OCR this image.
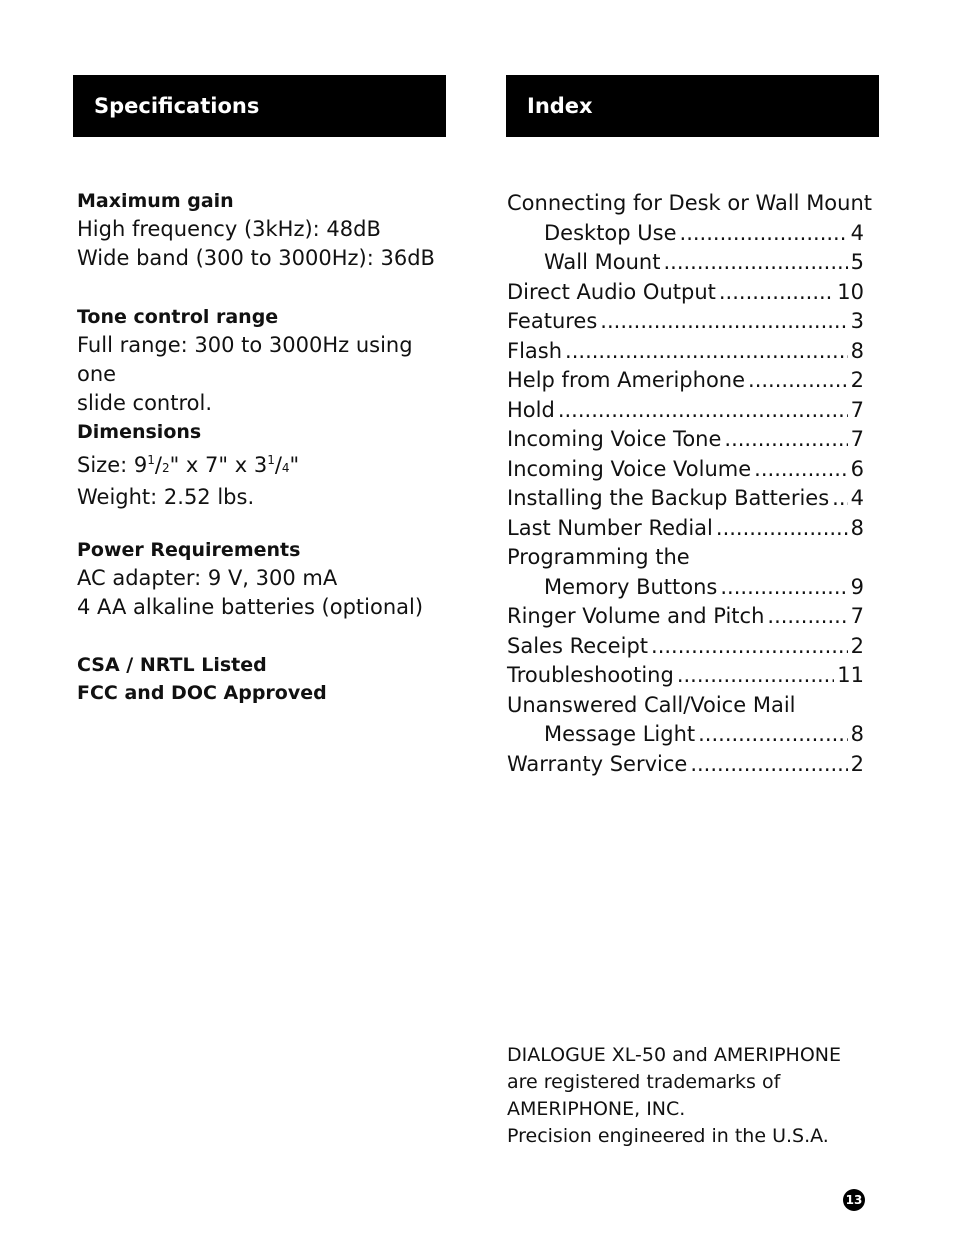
Specifications	Index
Maximum gain

High frequency (3kHz): 48dB

Wide band (300 to 3000Hz): 36dB

Tone control range

Full range: 300 to 3000Hz using one

slide control.

Dimensions

Size: $9^1/2$" x 7" x $3^1/4$"

Weight: 2.52 lbs.

Power Requirements

AC adapter: 9 V, 300 mA

4 AA alkaline batteries (optional)

CSA / NRTL Listed
FCC and DOC Approved
Connecting for Desk or Wall Mount
Desktop Use .....	4
Wall Mount .....	5
Direct Audio Output .....	10
Features .....	3
Flash .....	8
Help from Ameriphone .....	2
Hold .....	7
Incoming Voice Tone .....	7
Incoming Voice Volume .....	6
Installing the Backup Batteries ..... 4
Last Number Redial .....	8
Programming the
Memory Buttons .....	9
Ringer Volume and Pitch .....	7
Sales Receipt .....	2
Troubleshooting .....	11
Unanswered Call/Voice Mail
Message Light .....	8
Warranty Service .....	2
DIALOGUE XL-50 and AMERIPHONE
are registered trademarks of
AMERIPHONE, INC.
Precision engineered in the U.S.A.
13
